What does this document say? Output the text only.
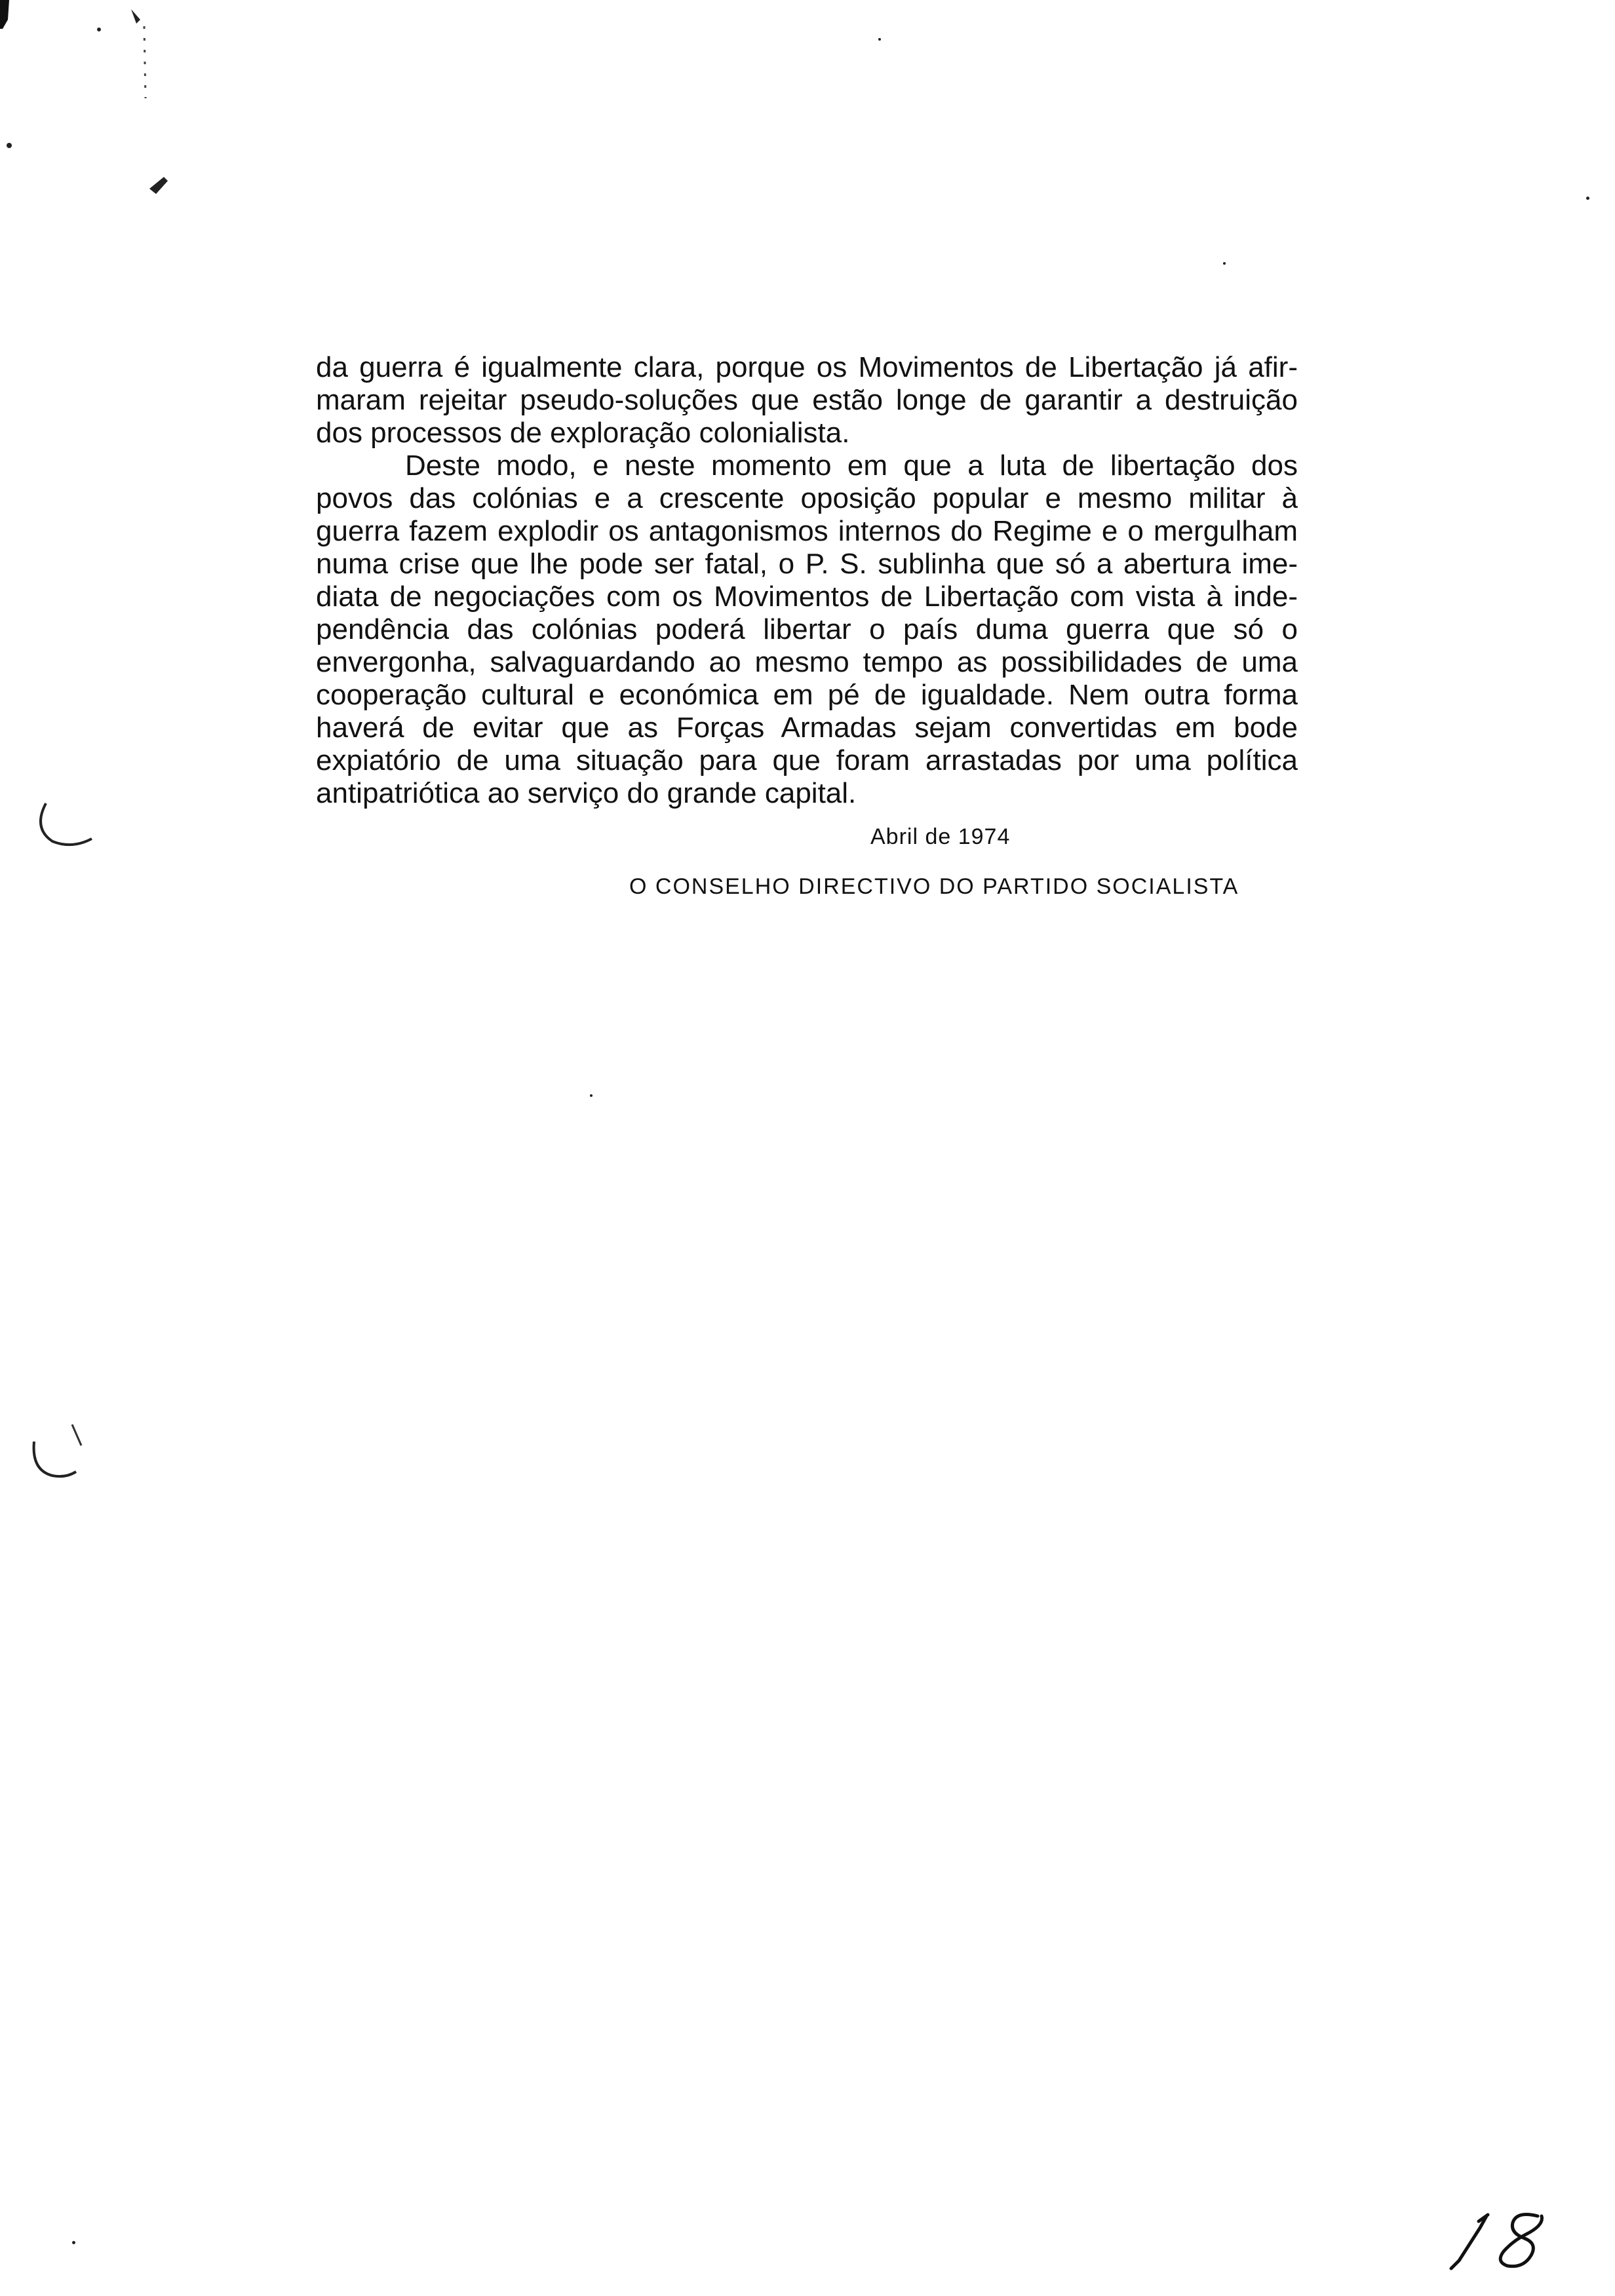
da guerra é igualmente clara, porque os Movimentos de Libertação já afir-
maram rejeitar pseudo-soluções que estão longe de garantir a destruição
dos processos de exploração colonialista.
Deste modo, e neste momento em que a luta de libertação dos
povos das colónias e a crescente oposição popular e mesmo militar à
guerra fazem explodir os antagonismos internos do Regime e o mergulham
numa crise que lhe pode ser fatal, o P. S. sublinha que só a abertura ime-
diata de negociações com os Movimentos de Libertação com vista à inde-
pendência das colónias poderá libertar o país duma guerra que só o
envergonha, salvaguardando ao mesmo tempo as possibilidades de uma
cooperação cultural e económica em pé de igualdade. Nem outra forma
haverá de evitar que as Forças Armadas sejam convertidas em bode
expiatório de uma situação para que foram arrastadas por uma política
antipatriótica ao serviço do grande capital.
Abril de 1974
O CONSELHO DIRECTIVO DO PARTIDO SOCIALISTA
